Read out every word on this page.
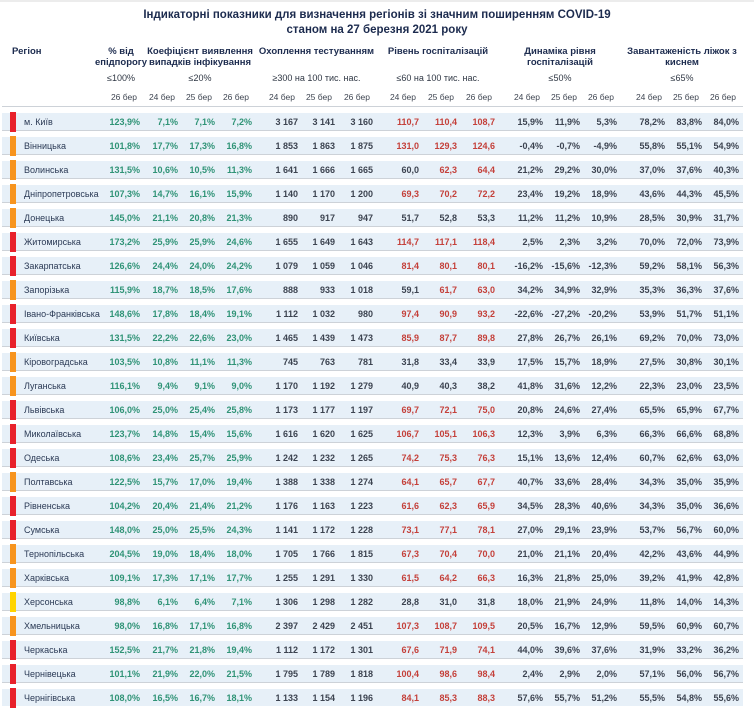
Індикаторні показники для визначення регіонів зі значним поширенням COVID-19
станом на 27 березня 2021 року
Регіон	% від епідпорогу
≤100%
Коефіцієнт виявлення випадків інфікування
≤20%
Охоплення тестуванням
≥300 на 100 тис. нас.
Рівень госпіталізацій
≤60 на 100 тис. нас.
Динаміка рівня госпіталізацій
≤50%
Завантаженість ліжок з киснем
≤65%
26 бер	24 бер	25 бер	26 бер	24 бер	25 бер	26 бер	24 бер	25 бер	26 бер	24 бер	25 бер	26 бер	24 бер	25 бер	26 бер
м. Київ	123,9%	7,1%	7,1%	7,2%	3 167	3 141	3 160	110,7	110,4	108,7	15,9%	11,9%	5,3%	78,2%	83,8%	84,0%
Вінницька	101,8%	17,7%	17,3%	16,8%	1 853	1 863	1 875	131,0	129,3	124,6	-0,4%	-0,7%	-4,9%	55,8%	55,1%	54,9%
Волинська	131,5%	10,6%	10,5%	11,3%	1 641	1 666	1 665	60,0	62,3	64,4	21,2%	29,2%	30,0%	37,0%	37,6%	40,3%
Дніпропетровська	107,3%	14,7%	16,1%	15,9%	1 140	1 170	1 200	69,3	70,2	72,2	23,4%	19,2%	18,9%	43,6%	44,3%	45,5%
Донецька	145,0%	21,1%	20,8%	21,3%	890	917	947	51,7	52,8	53,3	11,2%	11,2%	10,9%	28,5%	30,9%	31,7%
Житомирська	173,2%	25,9%	25,9%	24,6%	1 655	1 649	1 643	114,7	117,1	118,4	2,5%	2,3%	3,2%	70,0%	72,0%	73,9%
Закарпатська	126,6%	24,4%	24,0%	24,2%	1 079	1 059	1 046	81,4	80,1	80,1	-16,2% -15,6% -12,3%	59,2%	58,1%	56,3%
Запорізька	115,9%	18,7%	18,5%	17,6%	888	933	1 018	59,1	61,7	63,0	34,2%	34,9%	32,9%	35,3%	36,3%	37,6%
Івано-Франківська	148,6%	17,8%	18,4%	19,1%	1 112	1 032	980	97,4	90,9	93,2	-22,6% -27,2% -20,2%	53,9%	51,7%	51,1%
Київська	131,5%	22,2%	22,6%	23,0%	1 465	1 439	1 473	85,9	87,7	89,8	27,8%	26,7%	26,1%	69,2%	70,0%	73,0%
Кіровоградська	103,5%	10,8%	11,1%	11,3%	745	763	781	31,8	33,4	33,9	17,5%	15,7%	18,9%	27,5%	30,8%	30,1%
Луганська	116,1%	9,4%	9,1%	9,0%	1 170	1 192	1 279	40,9	40,3	38,2	41,8%	31,6%	12,2%	22,3%	23,0%	23,5%
Львівська	106,0%	25,0%	25,4%	25,8%	1 173	1 177	1 197	69,7	72,1	75,0	20,8%	24,6%	27,4%	65,5%	65,9%	67,7%
Миколаївська	123,7%	14,8%	15,4%	15,6%	1 616	1 620	1 625	106,7	105,1	106,3	12,3%	3,9%	6,3%	66,3%	66,6%	68,8%
Одеська	108,6%	23,4%	25,7%	25,9%	1 242	1 232	1 265	74,2	75,3	76,3	15,1%	13,6%	12,4%	60,7%	62,6%	63,0%
Полтавська	122,5%	15,7%	17,0%	19,4%	1 388	1 338	1 274	64,1	65,7	67,7	40,7%	33,6%	28,4%	34,3%	35,0%	35,9%
Рівненська	104,2%	20,4%	21,4%	21,2%	1 176	1 163	1 223	61,6	62,3	65,9	34,5%	28,3%	40,6%	34,3%	35,0%	36,6%
Сумська	148,0%	25,0%	25,5%	24,3%	1 141	1 172	1 228	73,1	77,1	78,1	27,0%	29,1%	23,9%	53,7%	56,7%	60,0%
Тернопільська	204,5%	19,0%	18,4%	18,0%	1 705	1 766	1 815	67,3	70,4	70,0	21,0%	21,1%	20,4%	42,2%	43,6%	44,9%
Харківська	109,1%	17,3%	17,1%	17,7%	1 255	1 291	1 330	61,5	64,2	66,3	16,3%	21,8%	25,0%	39,2%	41,9%	42,8%
Херсонська	98,8%	6,1%	6,4%	7,1%	1 306	1 298	1 282	28,8	31,0	31,8	18,0%	21,9%	24,9%	11,8%	14,0%	14,3%
Хмельницька	98,0%	16,8%	17,1%	16,8%	2 397	2 429	2 451	107,3	108,7	109,5	20,5%	16,7%	12,9%	59,5%	60,9%	60,7%
Черкаська	152,5%	21,7%	21,8%	19,4%	1 112	1 172	1 301	67,6	71,9	74,1	44,0%	39,6%	37,6%	31,9%	33,2%	36,2%
Чернівецька	101,1%	21,9%	22,0%	21,5%	1 795	1 789	1 818	100,4	98,6	98,4	2,4%	2,9%	2,0%	57,1%	56,0%	56,7%
Чернігівська	108,0%	16,5%	16,7%	18,1%	1 133	1 154	1 196	84,1	85,3	88,3	57,6%	55,7%	51,2%	55,5%	54,8%	55,6%
